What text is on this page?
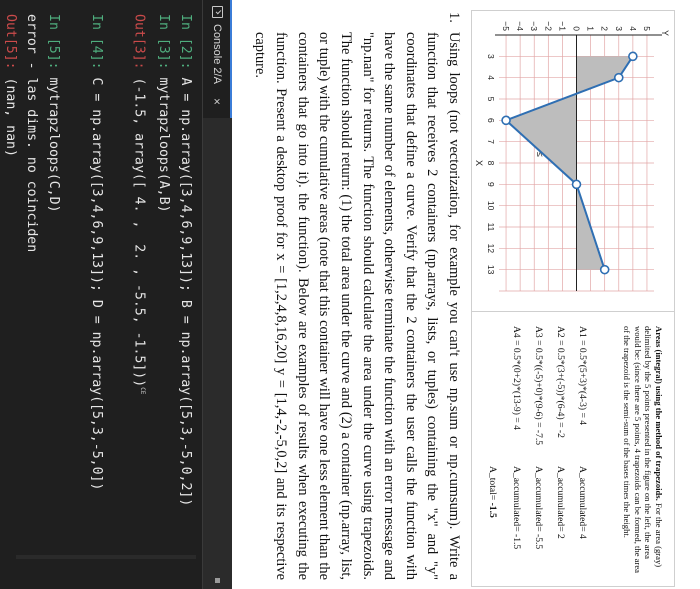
5
4
3
2
1
0
−1
−2
−3
−4
−5
3
4
5
6
7
8
9
10
11
12
13
Y
X
≤
Areas (integral) using the method of trapezoids. For the area (gray) delimited by the 5 points presented in the figure on the left, the area would be: (since there are 5 points, 4 trapezoids can be formed, the area of the trapezoid is the semi-sum of the bases times the height.
A1 = 0.5*(5+3)*(4-3) = 4
A2 = 0.5*(3+(-5))*(6-4) = -2
A3 = 0.5*((-5)+0)*(9-6) = -7.5
A4 = 0.5*(0+2)*(13-9) = 4
A_accumulated= 4
A_accumulated= 2
A_accumulated= -5.5
A_accumulated= -1.5
A_total= -1.5
1.
Using loops (not vectorization, for example you can't use np.sum or np.cumsum). Write a function that receives 2 containers (np.arrays, lists, or tuples) containing the "x" and "y" coordinates that define a curve. Verify that the 2 containers the user calls the function with have the same number of elements, otherwise terminate the function with an error message and "np.nan" for returns. The function should calculate the area under the curve using trapezoids. The function should return: (1) the total area under the curve and (2) a container (np.array, list, or tuple) with the cumulative areas (note that this container will have one less element than the containers that go into it). the function). Below are examples of results when executing the function. Present a desktop proof for x = [1,2,4,8,16,20] y = [1,4,-2,-5,0,2] and its respective capture.
Console 2/A
×
In [2]: A = np.array([3,4,6,9,13]); B = np.array([5,3,-5,0,2])
In [3]: mytrapzloops(A,B)
Out[3]: (-1.5, array([ 4. ,  2. , -5.5, -1.5]))$^{CE}$

In [4]: C = np.array([3,4,6,9,13]); D = np.array([5,3,-5,0])

In [5]: mytrapzloops(C,D)
error - las dims. no coinciden
Out[5]: (nan, nan)
